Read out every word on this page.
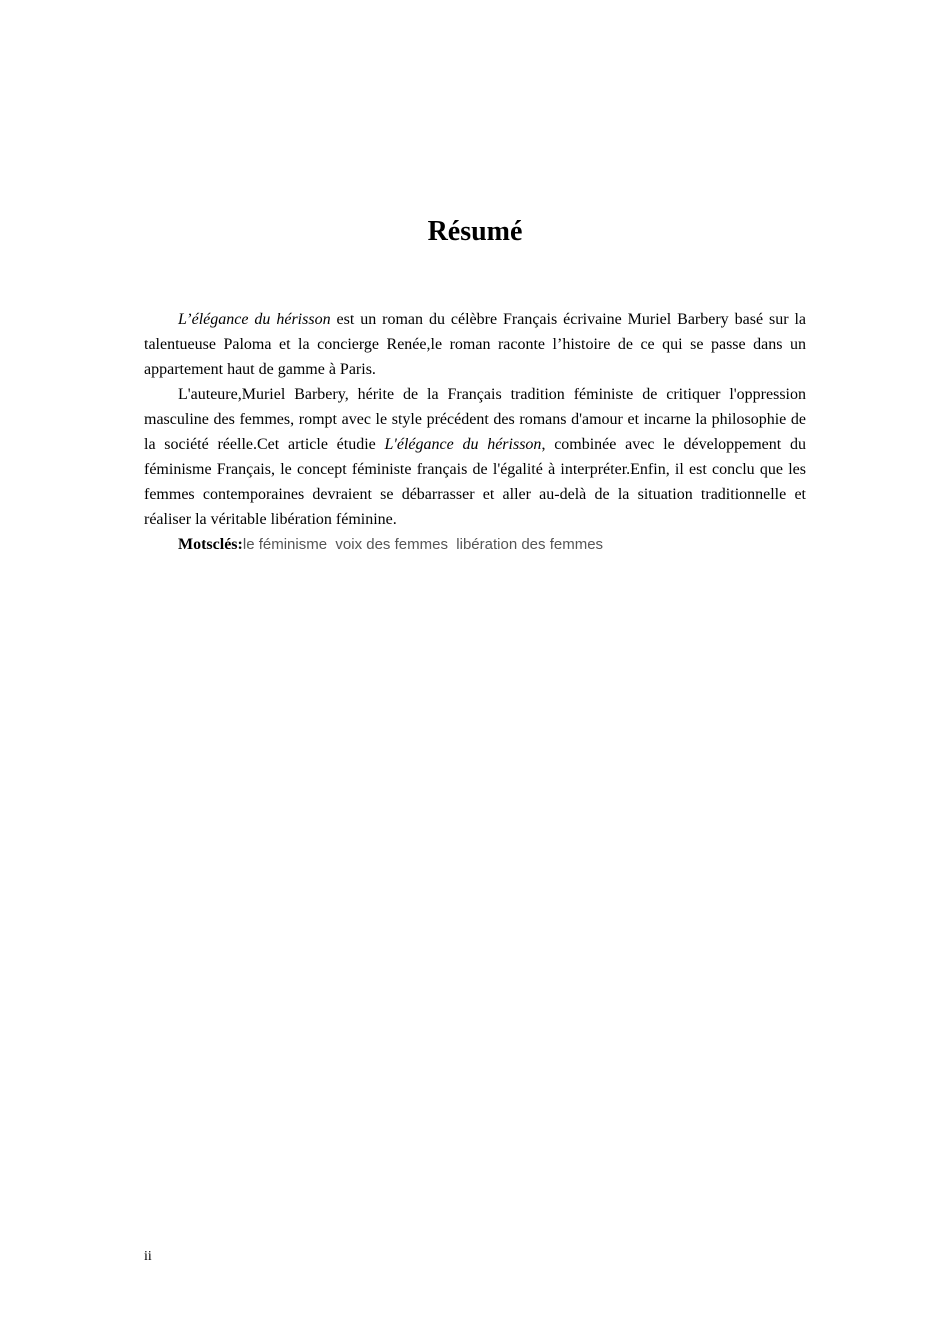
Résumé

L’élégance du hérisson est un roman du célèbre Français écrivaine Muriel Barbery basé sur la talentueuse Paloma et la concierge Renée,le roman raconte l’histoire de ce qui se passe dans un appartement haut de gamme à Paris.

L'auteure,Muriel Barbery, hérite de la Français tradition féministe de critiquer l'oppression masculine des femmes, rompt avec le style précédent des romans d'amour et incarne la philosophie de la société réelle.Cet article étudie L'élégance du hérisson, combinée avec le développement du féminisme Français, le concept féministe français de l'égalité à interpréter.Enfin, il est conclu que les femmes contemporaines devraient se débarrasser et aller au-delà de la situation traditionnelle et réaliser la véritable libération féminine.

Motsclés:le féminisme voix des femmes libération des femmes

ii
